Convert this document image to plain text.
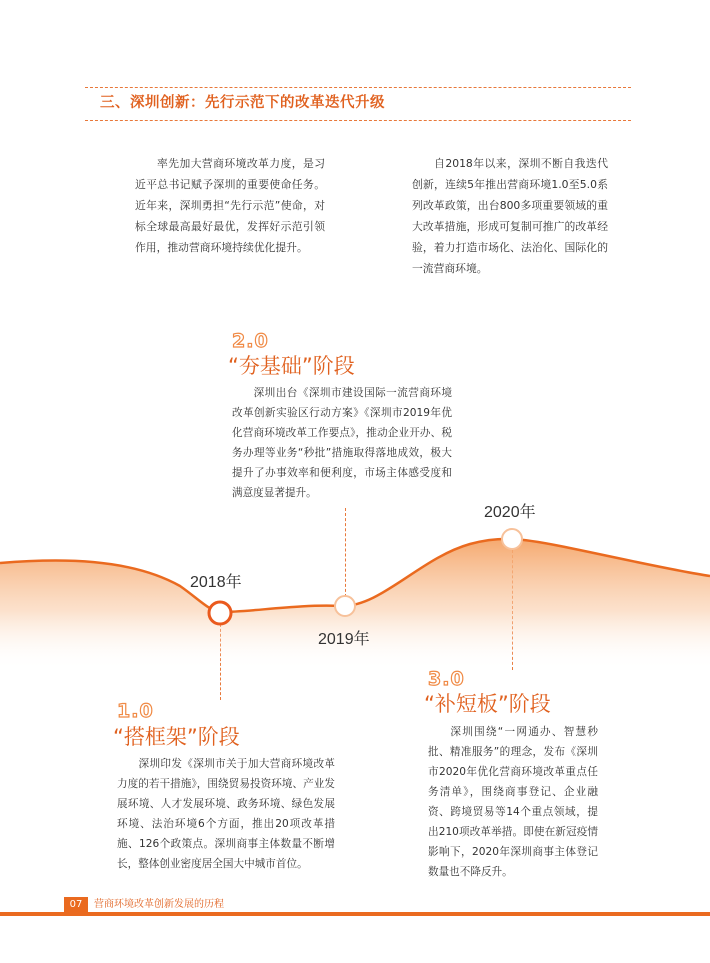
三、深圳创新：先行示范下的改革迭代升级

率先加大营商环境改革力度，是习近平总书记赋予深圳的重要使命任务。近年来，深圳勇担“先行示范”使命，对标全球最高最好最优，发挥好示范引领作用，推动营商环境持续优化提升。

自2018年以来，深圳不断自我迭代创新，连续5年推出营商环境1.0至5.0系列改革政策，出台800多项重要领域的重大改革措施，形成可复制可推广的改革经验，着力打造市场化、法治化、国际化的一流营商环境。

2.0
“夯基础”阶段

深圳出台《深圳市建设国际一流营商环境改革创新实验区行动方案》《深圳市2019年优化营商环境改革工作要点》，推动企业开办、税务办理等业务“秒批”措施取得落地成效，极大提升了办事效率和便利度，市场主体感受度和满意度显著提升。

2018年
2019年
2020年
1.0
“搭框架”阶段

深圳印发《深圳市关于加大营商环境改革力度的若干措施》，围绕贸易投资环境、产业发展环境、人才发展环境、政务环境、绿色发展环境、法治环境6个方面，推出20项改革措施、126个政策点。深圳商事主体数量不断增长，整体创业密度居全国大中城市首位。

3.0
“补短板”阶段

深圳围绕“一网通办、智慧秒批、精准服务”的理念，发布《深圳市2020年优化营商环境改革重点任务清单》，围绕商事登记、企业融资、跨境贸易等14个重点领域，提出210项改革举措。即使在新冠疫情影响下，2020年深圳商事主体登记数量也不降反升。

07	营商环境改革创新发展的历程
